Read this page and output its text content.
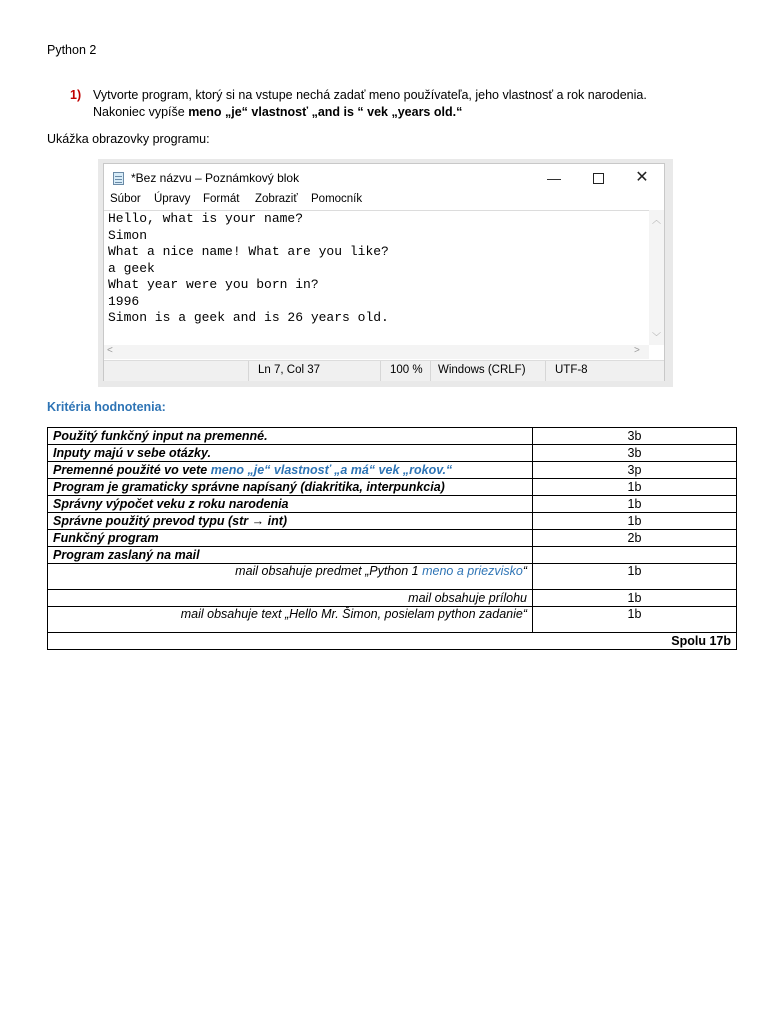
Python 2
1) Vytvorte program, ktorý si na vstupe nechá zadať meno používateľa, jeho vlastnosť a rok narodenia.
Nakoniec vypíše meno „je“ vlastnosť „and is “ vek „years old.“
Ukážka obrazovky programu:
*Bez názvu – Poznámkový blok	—	✕
Súbor Úpravy Formát Zobraziť Pomocník
Hello, what is your name?
Simon
What a nice name! What are you like?
a geek
What year were you born in?
1996
Simon is a geek and is 26 years old.
︿
﹀
<	>
Ln 7, Col 37	100 % Windows (CRLF)	UTF-8
Kritéria hodnotenia:
Použitý funkčný input na premenné.	3b
Inputy majú v sebe otázky.	3b
Premenné použité vo vete meno „je“ vlastnosť „a má“ vek „rokov.“	3p
Program je gramaticky správne napísaný (diakritika, interpunkcia)	1b
Správny výpočet veku z roku narodenia	1b
Správne použitý prevod typu (str → int)	1b
Funkčný program	2b
Program zaslaný na mail	
mail obsahuje predmet „Python 1 meno a priezvisko“	1b
mail obsahuje prílohu	1b
mail obsahuje text „Hello Mr. Šimon, posielam python zadanie“	1b
Spolu 17b	
